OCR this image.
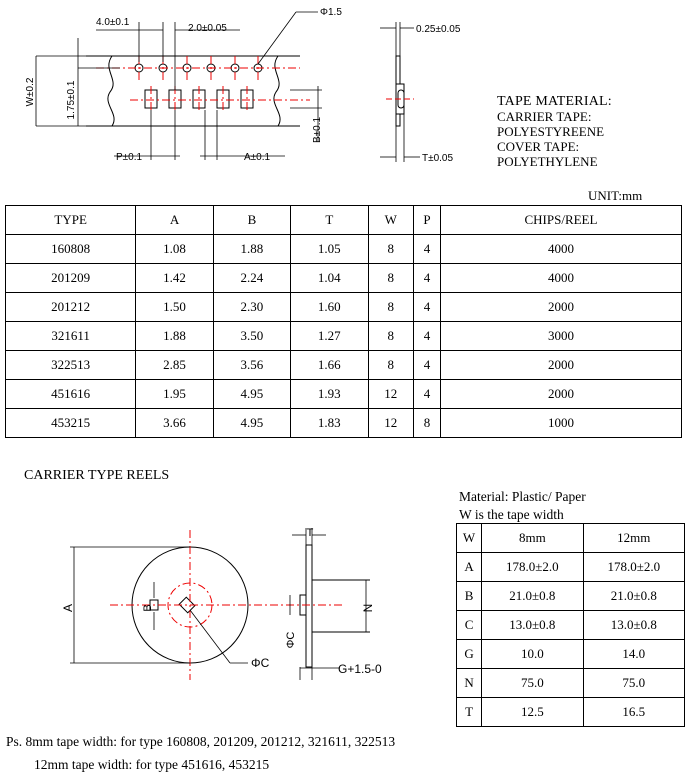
4.0±0.1
2.0±0.05
Φ1.5
W±0.2	1.75±0.1
P±0.1	A±0.1
B±0.1
0.25±0.05
T±0.05
TAPE MATERIAL:
CARRIER TAPE:
POLYESTYREENE
COVER TAPE:
POLYETHYLENE
UNIT:mm
TYPE	A	B	T	W	P	CHIPS/REEL
160808	1.08	1.88	1.05	8	4	4000
201209	1.42	2.24	1.04	8	4	4000
201212	1.50	2.30	1.60	8	4	2000
321611	1.88	3.50	1.27	8	4	3000
322513	2.85	3.56	1.66	8	4	2000
451616	1.95	4.95	1.93	12	4	2000
453215	3.66	4.95	1.83	12	8	1000
CARRIER TYPE REELS
A	B
ΦC
T
N
ΦC
G+1.5-0
Material: Plastic/ Paper
W is the tape width
W	8mm	12mm
A	178.0±2.0	178.0±2.0
B	21.0±0.8	21.0±0.8
C	13.0±0.8	13.0±0.8
G	10.0	14.0
N	75.0	75.0
T	12.5	16.5
Ps. 8mm tape width: for type 160808, 201209, 201212, 321611, 322513
12mm tape width: for type 451616, 453215
